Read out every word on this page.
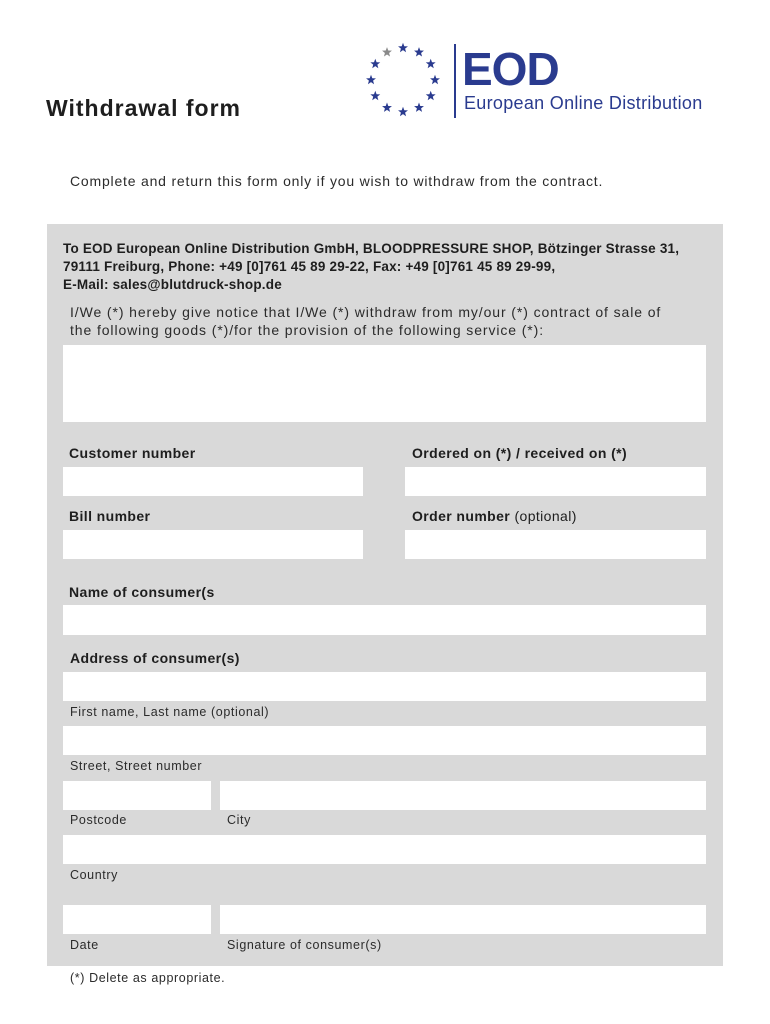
Withdrawal form
EOD
European Online Distribution
Complete and return this form only if you wish to withdraw from the contract.
To EOD European Online Distribution GmbH, BLOODPRESSURE SHOP, Bötzinger Strasse 31,
79111 Freiburg, Phone: +49 [0]761 45 89 29-22, Fax: +49 [0]761 45 89 29-99,
E-Mail: sales@blutdruck-shop.de
I/We (*) hereby give notice that I/We (*) withdraw from my/our (*) contract of sale of
the following goods (*)/for the provision of the following service (*):
Customer number	Ordered on (*) / received on (*)
Bill number	Order number (optional)
Name of consumer(s
Address of consumer(s)
First name, Last name (optional)
Street, Street number
Postcode	City
Country
Date	Signature of consumer(s)
(*) Delete as appropriate.
